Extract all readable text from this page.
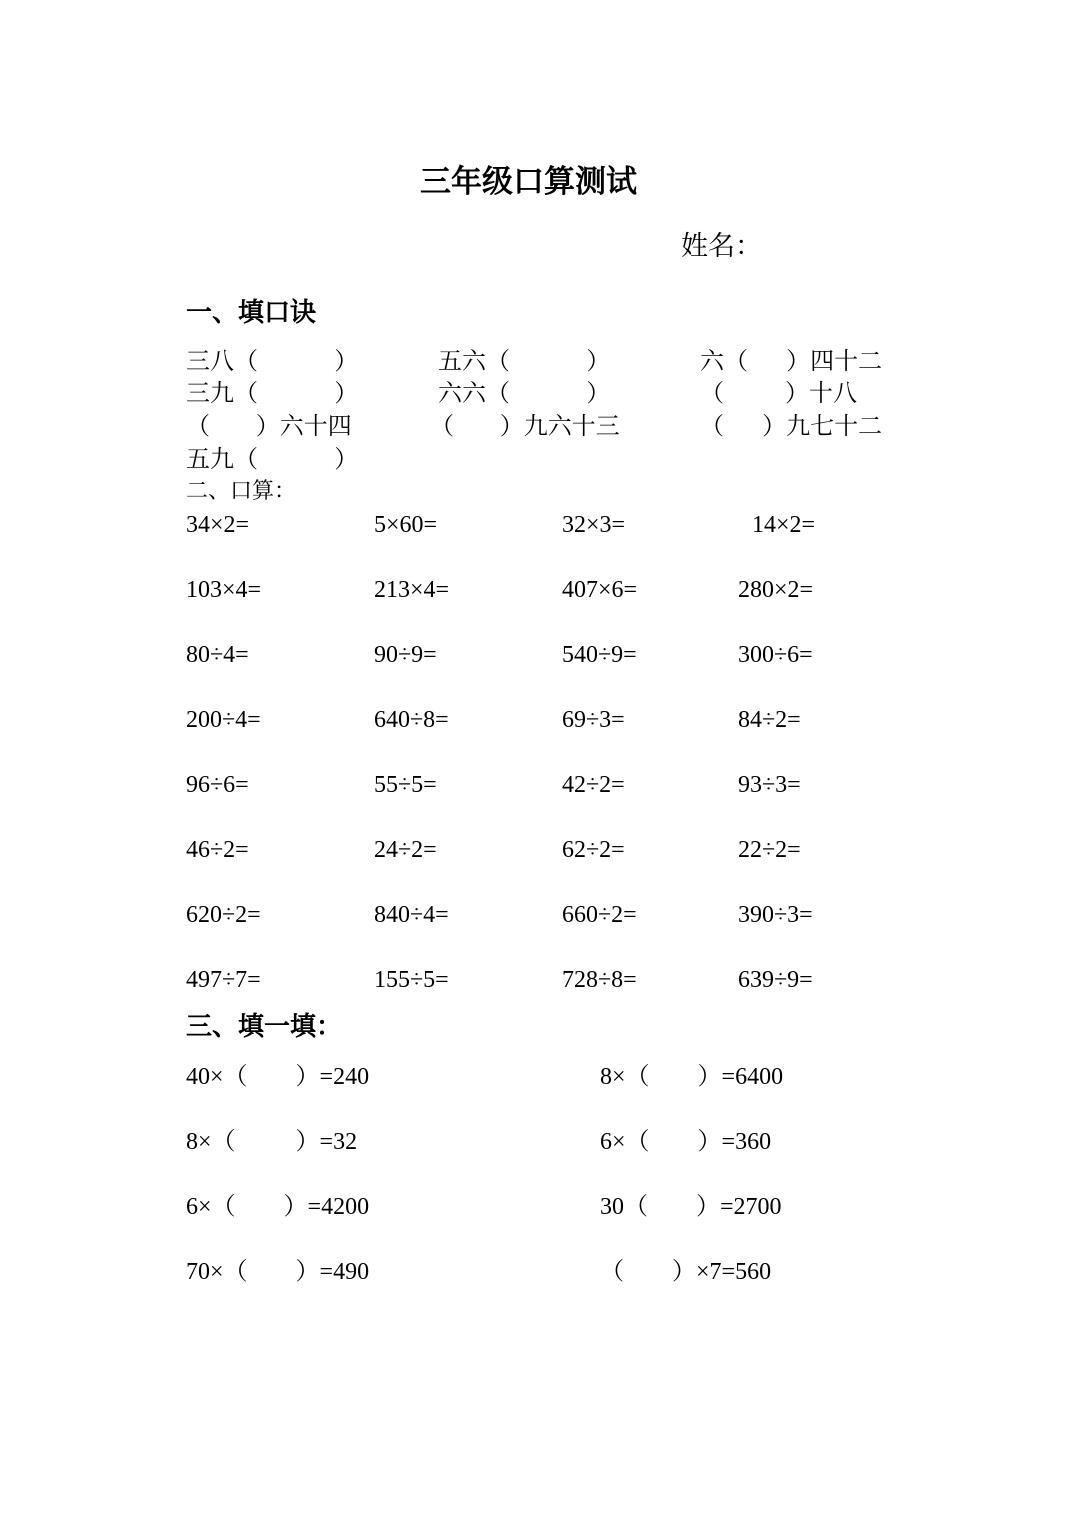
三年级口算测试
姓名：
一、填口诀
三八（          ）	五六（          ）	六（     ）四十二
三九（          ）	六六（          ）	（        ）十八
（      ）六十四	（      ）九六十三	（     ）九七十二
五九（          ）
二、口算：
34×2=	5×60=	32×3=	14×2=
103×4=	213×4=	407×6=	280×2=
80÷4=	90÷9=	540÷9=	300÷6=
200÷4=	640÷8=	69÷3=	84÷2=
96÷6=	55÷5=	42÷2=	93÷3=
46÷2=	24÷2=	62÷2=	22÷2=
620÷2=	840÷4=	660÷2=	390÷3=
497÷7=	155÷5=	728÷8=	639÷9=
三、填一填：
40×（        ）=240	8×（        ）=6400
8×（          ）=32	6×（        ）=360
6×（        ）=4200	30（        ）=2700
70×（        ）=490	（        ）×7=560
